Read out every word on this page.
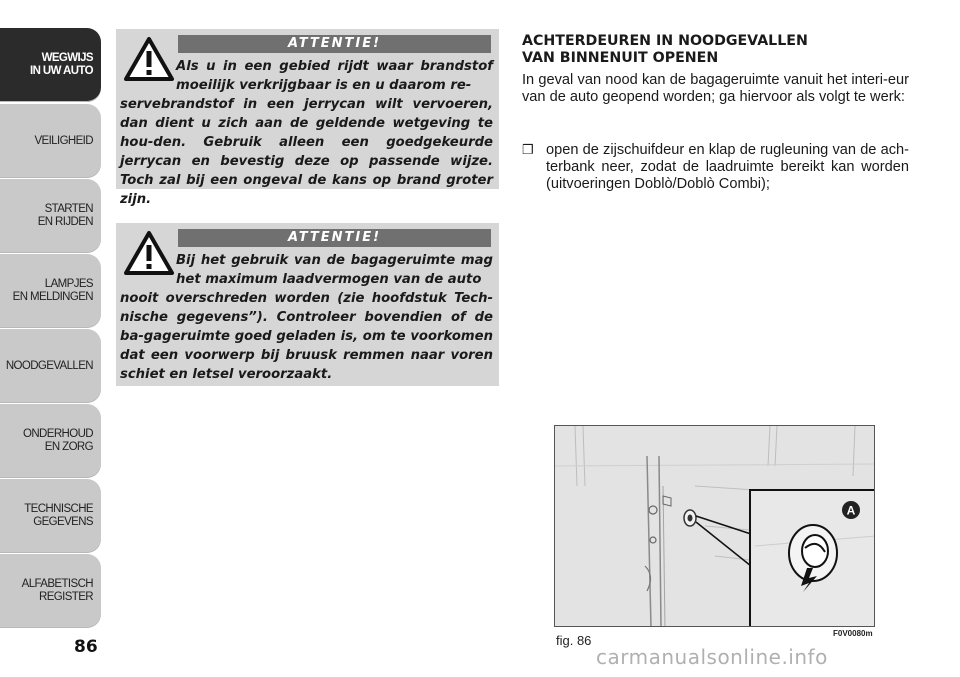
WEGWIJS
IN UW AUTO
VEILIGHEID
STARTEN
EN RIJDEN
LAMPJES
EN MELDINGEN
NOODGEVALLEN
ONDERHOUD
EN ZORG
TECHNISCHE
GEGEVENS
ALFABETISCH
REGISTER
86
ATTENTIE!
Als u in een gebied rijdt waar brandstof moeilijk verkrijgbaar is en u daarom re-
servebrandstof in een jerrycan wilt vervoeren, dan dient u zich aan de geldende wetgeving te hou-den. Gebruik alleen een goedgekeurde jerrycan en bevestig deze op passende wijze. Toch zal bij een ongeval de kans op brand groter zijn.
ATTENTIE!
Bij het gebruik van de bagageruimte mag het maximum laadvermogen van de auto
nooit overschreden worden (zie hoofdstuk Tech-nische gegevens”). Controleer bovendien of de ba-gageruimte goed geladen is, om te voorkomen dat een voorwerp bij bruusk remmen naar voren schiet en letsel veroorzaakt.
ACHTERDEUREN IN NOODGEVALLEN
VAN BINNENUIT OPENEN

In geval van nood kan de bagageruimte vanuit het interi-eur van de auto geopend worden; ga hiervoor als volgt te werk:

❒ open de zijschuifdeur en klap de rugleuning van de ach-terbank neer, zodat de laadruimte bereikt kan worden (uitvoeringen Doblò/Doblò Combi);
A
fig. 86	F0V0080m
carmanualsonline.info
